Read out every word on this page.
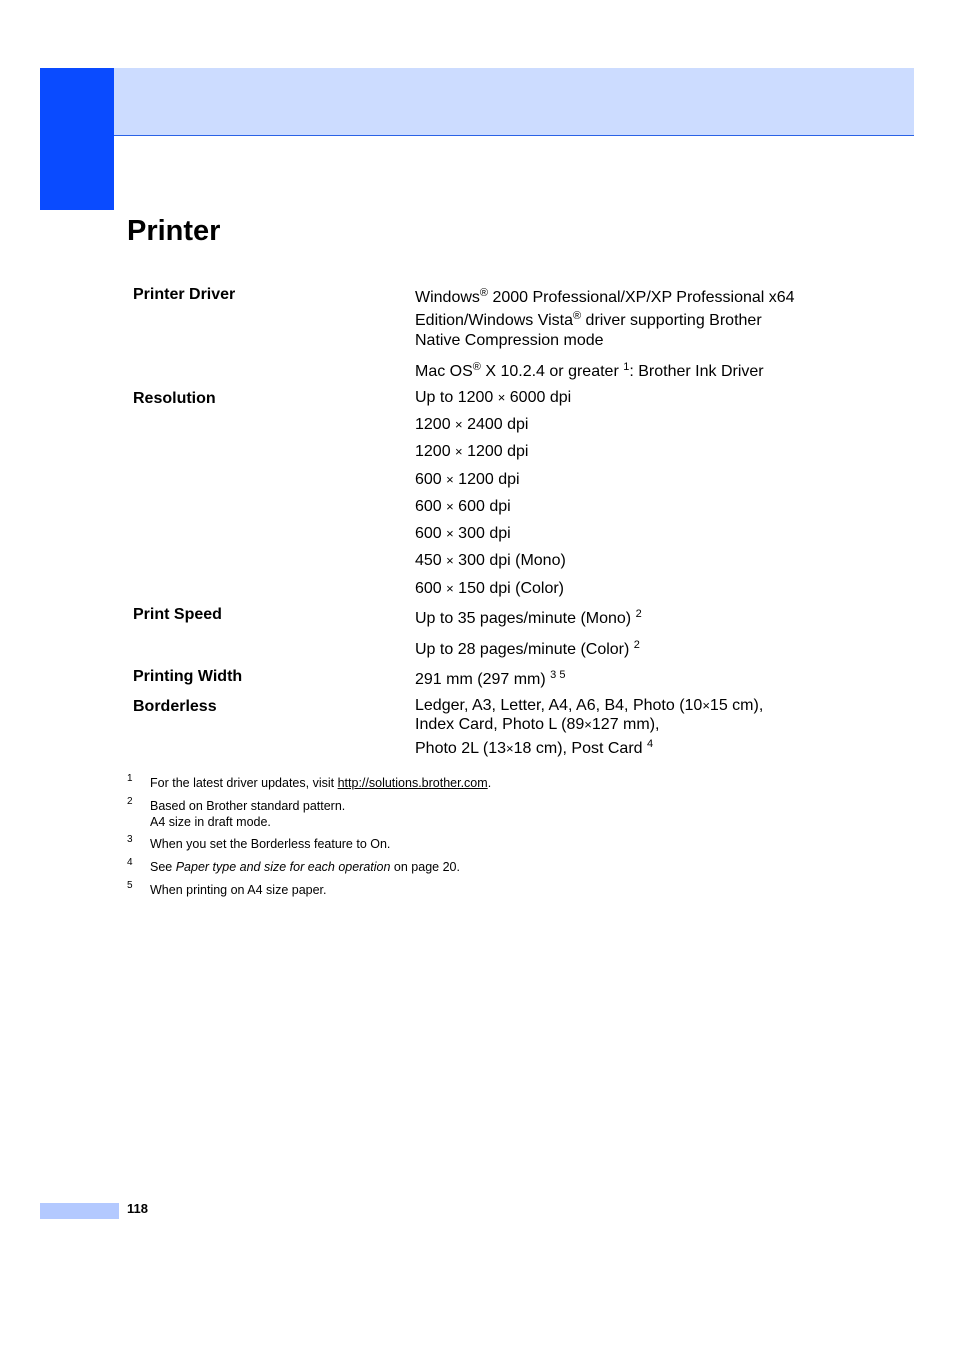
Printer
Printer Driver	Windows® 2000 Professional/XP/XP Professional x64
Edition/Windows Vista® driver supporting Brother
Native Compression mode
Mac OS® X 10.2.4 or greater $^1$: Brother Ink Driver
Resolution	Up to 1200 × 6000 dpi
1200 × 2400 dpi
1200 × 1200 dpi
600 × 1200 dpi
600 × 600 dpi
600 × 300 dpi
450 × 300 dpi (Mono)
600 × 150 dpi (Color)
Print Speed	Up to 35 pages/minute (Mono) $^2$
Up to 28 pages/minute (Color) $^2$
Printing Width	291 mm (297 mm) $^{3 5}$
Borderless	Ledger, A3, Letter, A4, A6, B4, Photo (10×15 cm),
Index Card, Photo L (89×127 mm),
Photo 2L (13×18 cm), Post Card $^4$
1 For the latest driver updates, visit http://solutions.brother.com.
2 Based on Brother standard pattern.
A4 size in draft mode.
3 When you set the Borderless feature to On.
4 See Paper type and size for each operation on page 20.
5 When printing on A4 size paper.
118
